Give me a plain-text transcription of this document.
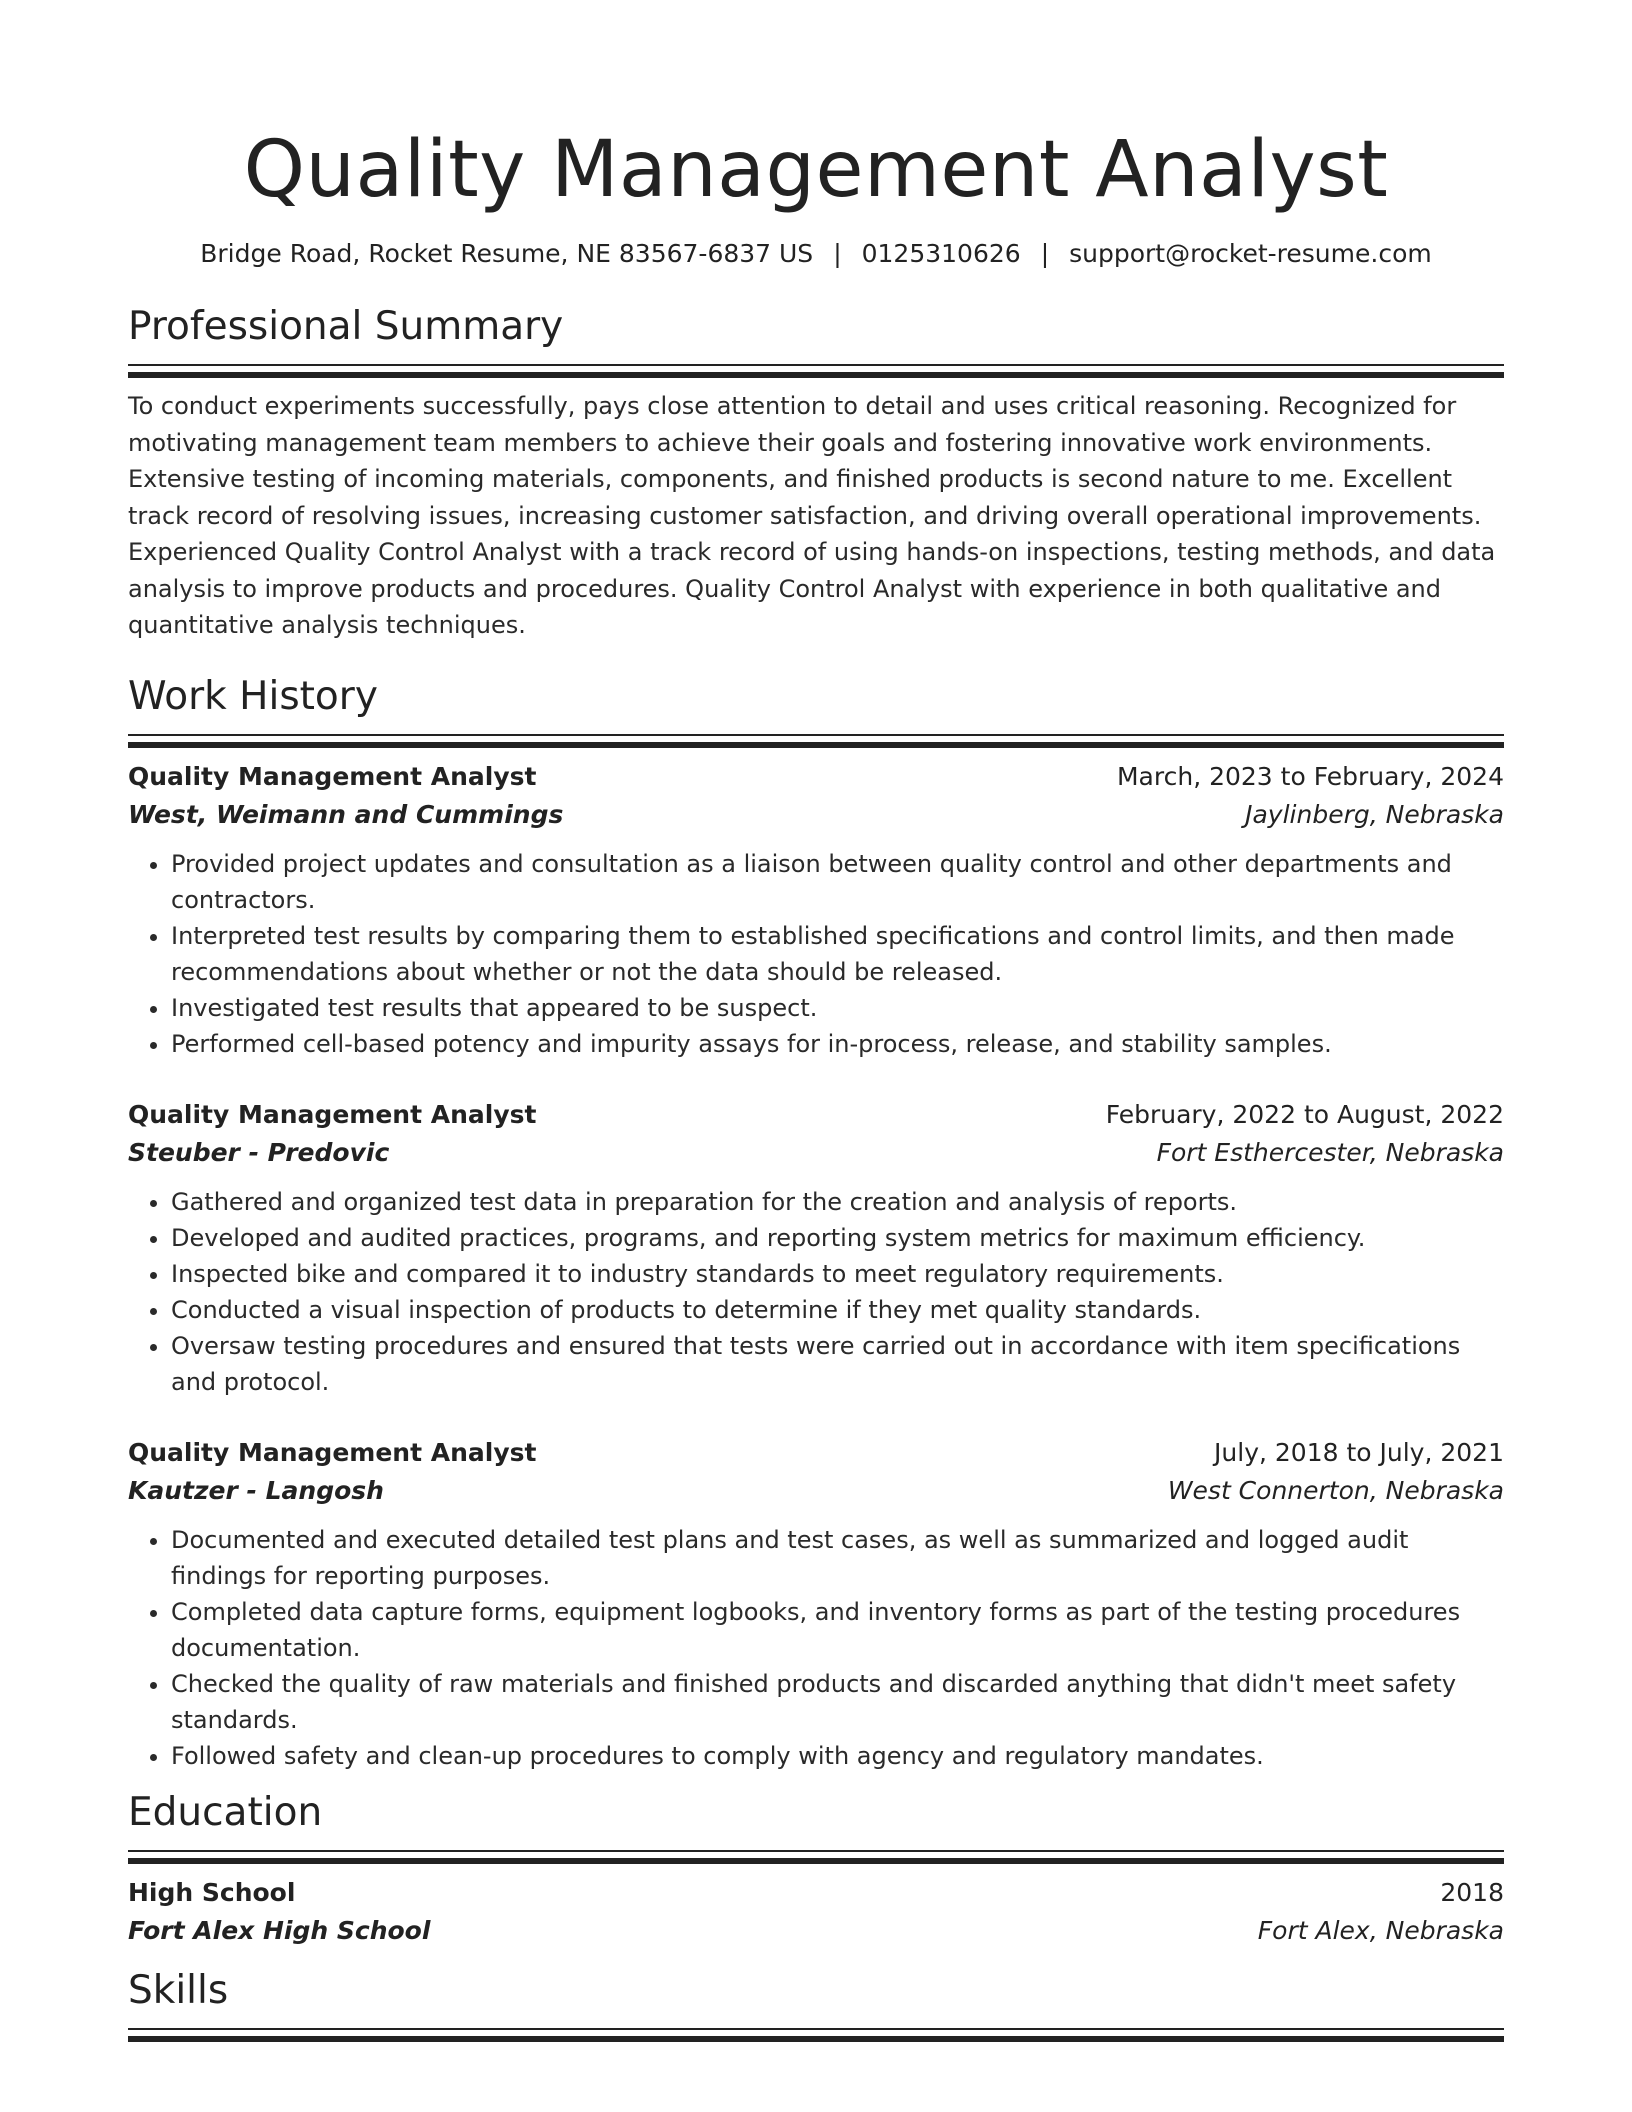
Quality Management Analyst
Bridge Road, Rocket Resume, NE 83567-6837 US | 0125310626 | support@rocket-resume.com
Professional Summary

To conduct experiments successfully, pays close attention to detail and uses critical reasoning. Recognized for motivating management team members to achieve their goals and fostering innovative work environments. Extensive testing of incoming materials, components, and finished products is second nature to me. Excellent track record of resolving issues, increasing customer satisfaction, and driving overall operational improvements. Experienced Quality Control Analyst with a track record of using hands-on inspections, testing methods, and data analysis to improve products and procedures. Quality Control Analyst with experience in both qualitative and quantitative analysis techniques.

Work History
Quality Management Analyst	March, 2023 to February, 2024
West, Weimann and Cummings	Jaylinberg, Nebraska
• Provided project updates and consultation as a liaison between quality control and other departments and contractors.
• Interpreted test results by comparing them to established specifications and control limits, and then made recommendations about whether or not the data should be released.
• Investigated test results that appeared to be suspect.
• Performed cell-based potency and impurity assays for in-process, release, and stability samples.
Quality Management Analyst	February, 2022 to August, 2022
Steuber - Predovic	Fort Esthercester, Nebraska
• Gathered and organized test data in preparation for the creation and analysis of reports.
• Developed and audited practices, programs, and reporting system metrics for maximum efficiency.
• Inspected bike and compared it to industry standards to meet regulatory requirements.
• Conducted a visual inspection of products to determine if they met quality standards.
• Oversaw testing procedures and ensured that tests were carried out in accordance with item specifications and protocol.
Quality Management Analyst	July, 2018 to July, 2021
Kautzer - Langosh	West Connerton, Nebraska
• Documented and executed detailed test plans and test cases, as well as summarized and logged audit findings for reporting purposes.
• Completed data capture forms, equipment logbooks, and inventory forms as part of the testing procedures documentation.
• Checked the quality of raw materials and finished products and discarded anything that didn't meet safety standards.
• Followed safety and clean-up procedures to comply with agency and regulatory mandates.
Education
High School	2018
Fort Alex High School	Fort Alex, Nebraska
Skills
